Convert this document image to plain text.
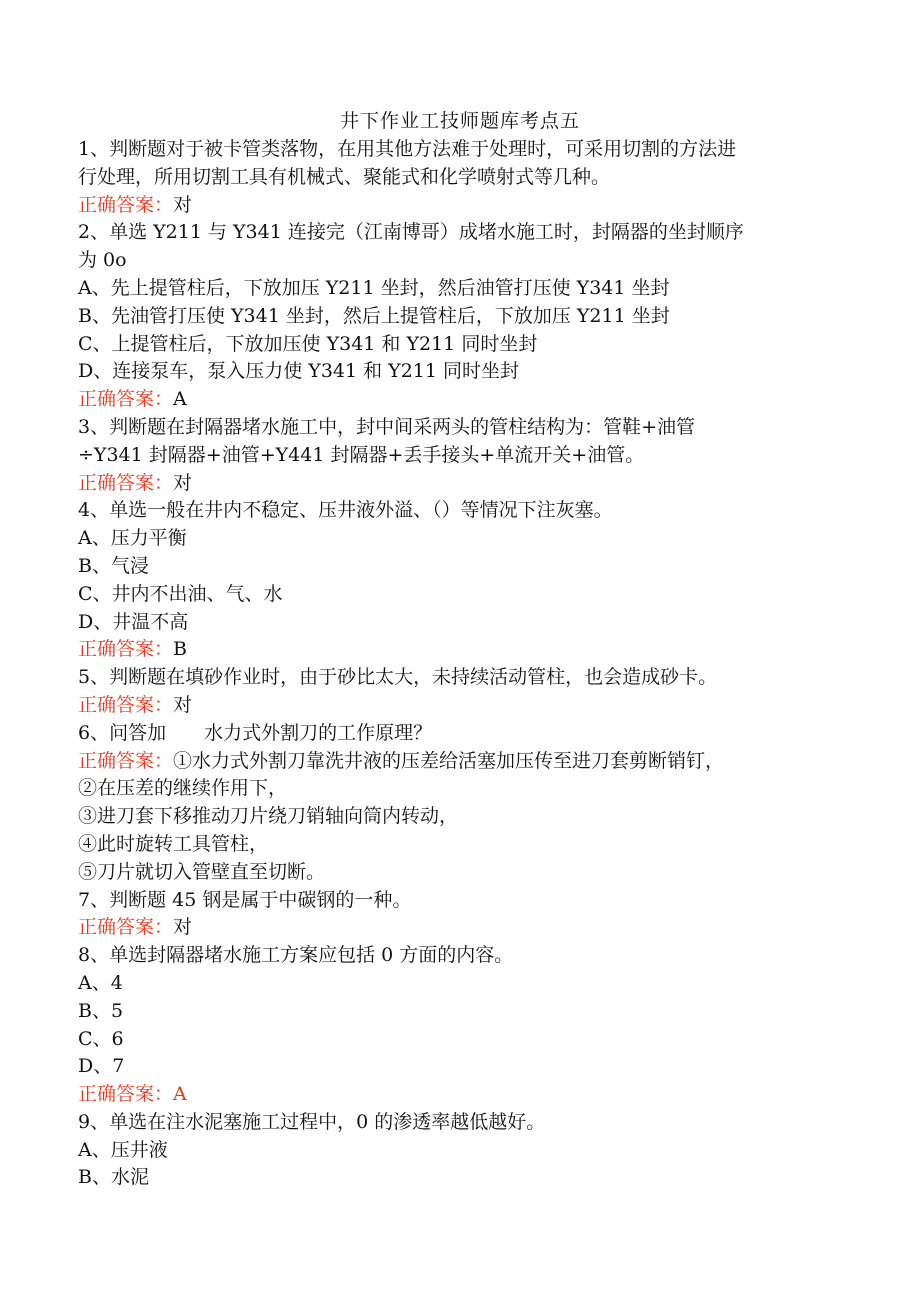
井下作业工技师题库考点五
1、判断题对于被卡管类落物，在用其他方法难于处理时，可采用切割的方法进
行处理，所用切割工具有机械式、聚能式和化学喷射式等几种。
正确答案：对
2、单选 Y211 与 Y341 连接完（江南博哥）成堵水施工时，封隔器的坐封顺序
为 0o
A、先上提管柱后，下放加压 Y211 坐封，然后油管打压使 Y341 坐封
B、先油管打压使 Y341 坐封，然后上提管柱后，下放加压 Y211 坐封
C、上提管柱后，下放加压使 Y341 和 Y211 同时坐封
D、连接泵车，泵入压力使 Y341 和 Y211 同时坐封
正确答案：A
3、判断题在封隔器堵水施工中，封中间采两头的管柱结构为：管鞋+油管
÷Y341 封隔器+油管+Y441 封隔器+丢手接头+单流开关+油管。
正确答案：对
4、单选一般在井内不稳定、压井液外溢、（）等情况下注灰塞。
A、压力平衡
B、气浸
C、井内不出油、气、水
D、井温不高
正确答案：B
5、判断题在填砂作业时，由于砂比太大，未持续活动管柱，也会造成砂卡。
正确答案：对
6、问答加　　水力式外割刀的工作原理？
正确答案：①水力式外割刀靠洗井液的压差给活塞加压传至进刀套剪断销钉，
②在压差的继续作用下，
③进刀套下移推动刀片绕刀销轴向筒内转动，
④此时旋转工具管柱，
⑤刀片就切入管壁直至切断。
7、判断题 45 钢是属于中碳钢的一种。
正确答案：对
8、单选封隔器堵水施工方案应包括 0 方面的内容。
A、4
B、5
C、6
D、7
正确答案：A
9、单选在注水泥塞施工过程中，0 的渗透率越低越好。
A、压井液
B、水泥
